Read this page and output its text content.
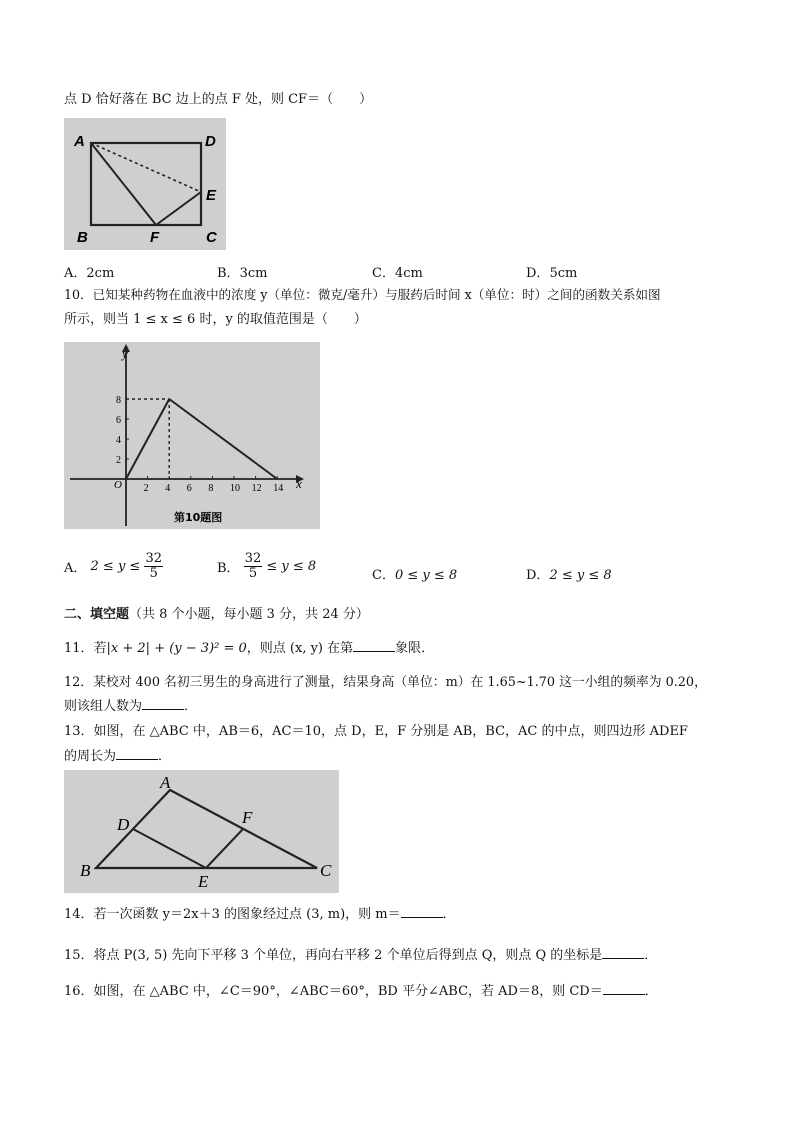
点 D 恰好落在 BC 边上的点 F 处，则 CF＝（　　）
A	D
E
B	F	C
A．2cm	B．3cm	C．4cm	D．5cm
10．已知某种药物在血液中的浓度 y（单位：微克/毫升）与服药后时间 x（单位：时）之间的函数关系如图
所示，则当 1 ≤ x ≤ 6 时，y 的取值范围是（　　）
2 4 6 8 10 12 14
2
4
6
8
y
x
O
第10题图
A． $2 \le y \le \frac{32}{5}$	B． $\frac{32}{5} \le y \le 8$
C．0 ≤ y ≤ 8	D．2 ≤ y ≤ 8
二、填空题（共 8 个小题，每小题 3 分，共 24 分）
11．若|x + 2| + (y − 3)² = 0，则点 (x, y) 在第	象限．
12．某校对 400 名初三男生的身高进行了测量，结果身高（单位：m）在 1.65~1.70 这一小组的频率为 0.20，
则该组人数为	．
13．如图，在 △ABC 中，AB＝6，AC＝10，点 D，E，F 分别是 AB，BC，AC 的中点，则四边形 ADEF
的周长为	．
A
D	F
B
E
C
14．若一次函数 y＝2x＋3 的图象经过点 (3, m)，则 m＝	．
15．将点 P(3, 5) 先向下平移 3 个单位，再向右平移 2 个单位后得到点 Q，则点 Q 的坐标是	．
16．如图，在 △ABC 中，∠C＝90°，∠ABC＝60°，BD 平分∠ABC，若 AD＝8，则 CD＝	．
